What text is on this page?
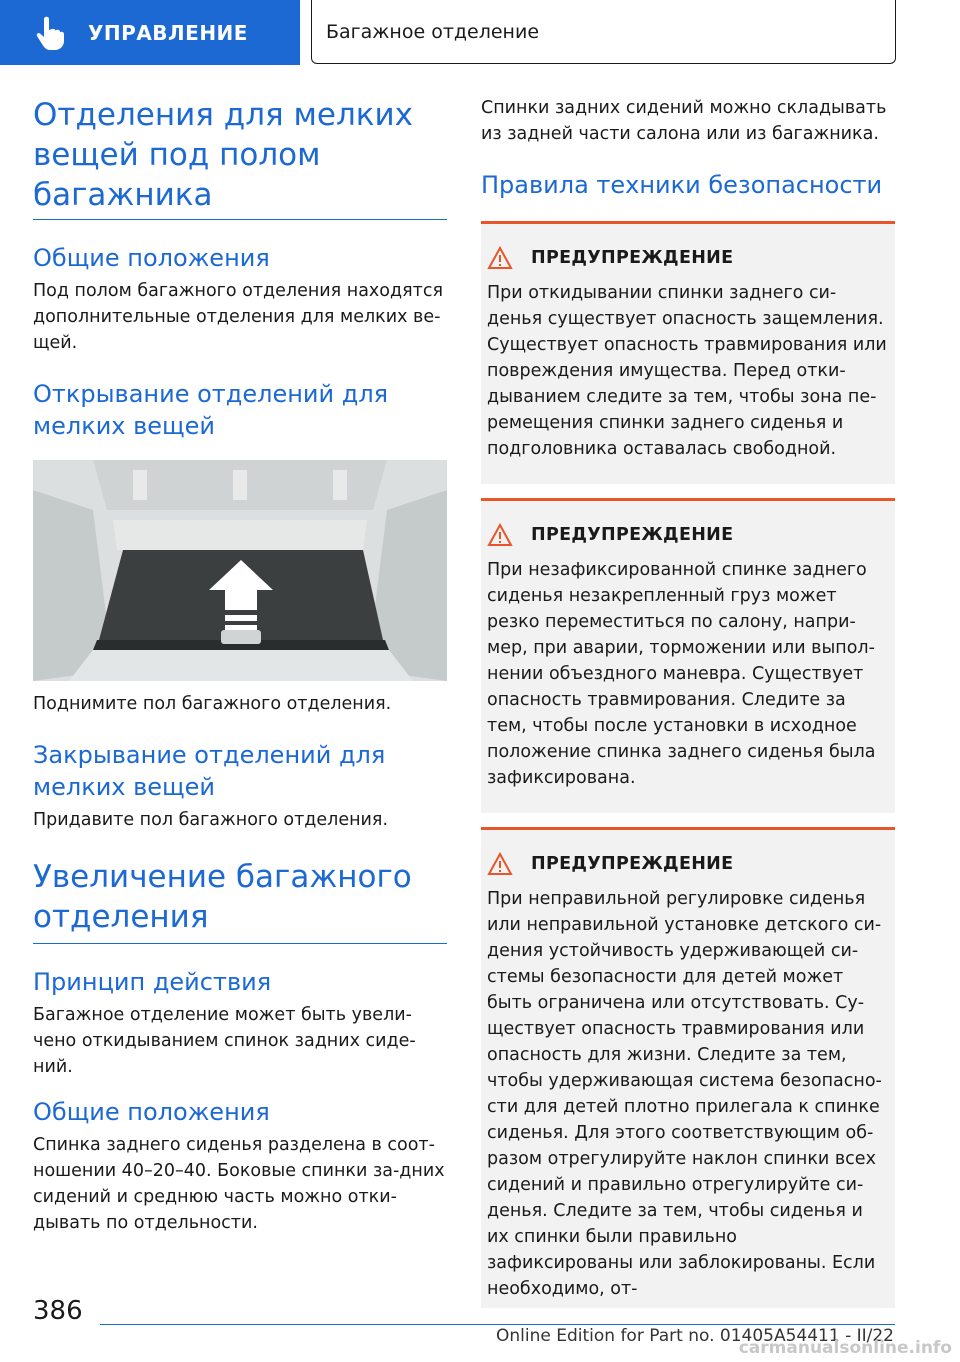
УПРАВЛЕНИЕ	Багажное отделение
Отделения для мелких вещей под полом багажника
Общие положения

Под полом багажного отделения находятся дополнительные отделения для мелких ве-щей.

Открывание отделений для мелких вещей

Поднимите пол багажного отделения.

Закрывание отделений для мелких вещей

Придавите пол багажного отделения.

Увеличение багажного отделения
Принцип действия

Багажное отделение может быть увели-чено откидыванием спинок задних сиде-ний.

Общие положения

Спинка заднего сиденья разделена в соот-ношении 40–20–40. Боковые спинки за-дних сидений и среднюю часть можно отки-дывать по отдельности.

Спинки задних сидений можно складывать из задней части салона или из багажника.

Правила техники безопасности
ПРЕДУПРЕЖДЕНИЕ

При откидывании спинки заднего си-денья существует опасность защемления. Существует опасность травмирования или повреждения имущества. Перед отки-дыванием следите за тем, чтобы зона пе-ремещения спинки заднего сиденья и подголовника оставалась свободной.

ПРЕДУПРЕЖДЕНИЕ

При незафиксированной спинке заднего сиденья незакрепленный груз может резко переместиться по салону, напри-мер, при аварии, торможении или выпол-нении объездного маневра. Существует опасность травмирования. Следите за тем, чтобы после установки в исходное положение спинка заднего сиденья была зафиксирована.

ПРЕДУПРЕЖДЕНИЕ

При неправильной регулировке сиденья или неправильной установке детского си-дения устойчивость удерживающей си-стемы безопасности для детей может быть ограничена или отсутствовать. Су-ществует опасность травмирования или опасность для жизни. Следите за тем, чтобы удерживающая система безопасно-сти для детей плотно прилегала к спинке сиденья. Для этого соответствующим об-разом отрегулируйте наклон спинки всех сидений и правильно отрегулируйте си-денья. Следите за тем, чтобы сиденья и их спинки были правильно зафиксированы или заблокированы. Если необходимо, от-

386
Online Edition for Part no. 01405A54411 - II/22
carmanualsonline.info
